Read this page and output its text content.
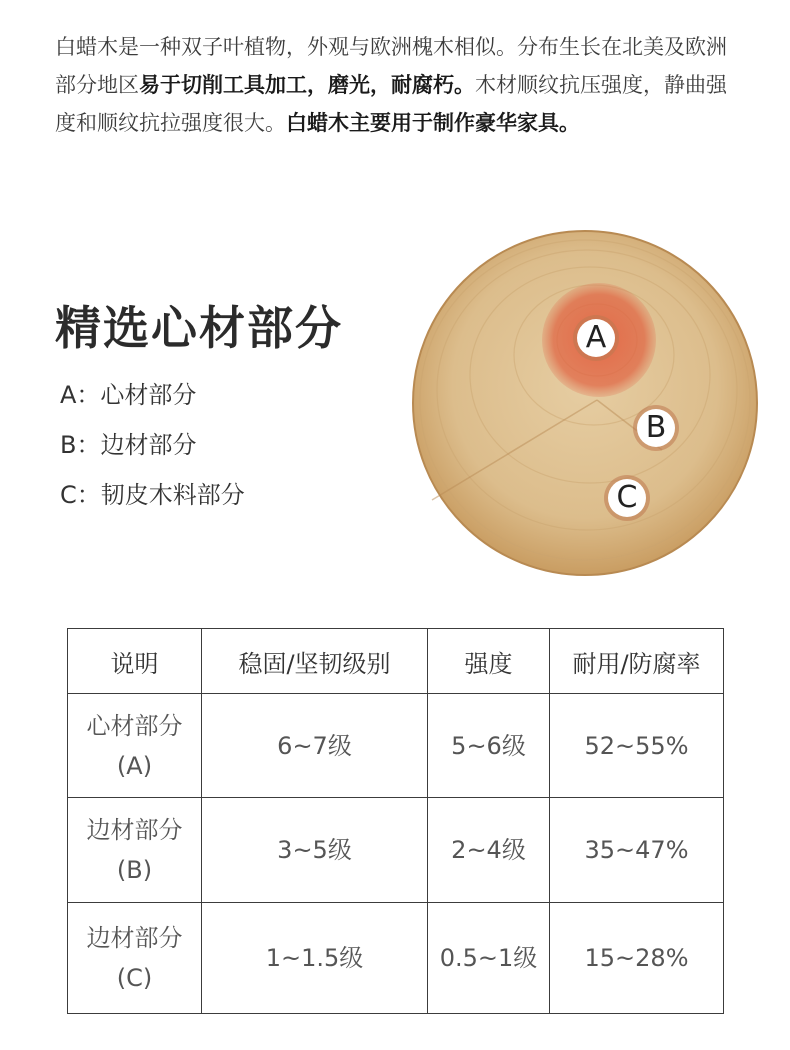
白蜡木是一种双子叶植物，外观与欧洲槐木相似。分布生长在北美及欧洲部分地区易于切削工具加工，磨光，耐腐朽。木材顺纹抗压强度，静曲强度和顺纹抗拉强度很大。白蜡木主要用于制作豪华家具。

精选心材部分
A：心材部分
B：边材部分
C：韧皮木料部分
A
B
C
说明	稳固/坚韧级别	强度	耐用/防腐率

心材部分
(A)	6~7级	5~6级	52~55%

边材部分
(B)	3~5级	2~4级	35~47%

边材部分
(C)	1~1.5级	0.5~1级	15~28%
